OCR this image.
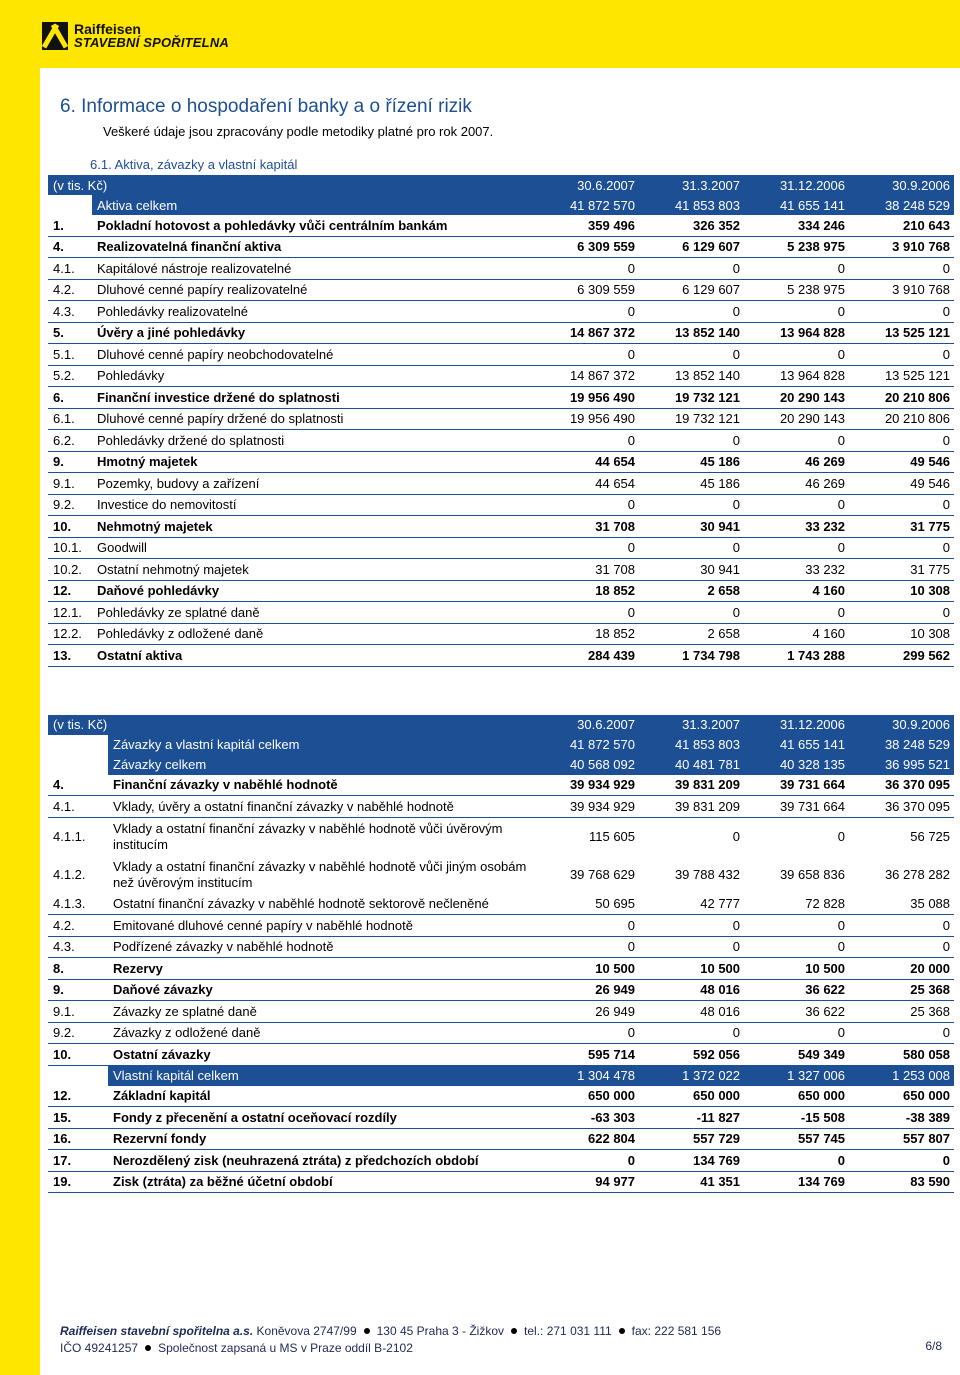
Raiffeisen
STAVEBNÍ SPOŘITELNA
6. Informace o hospodaření banky a o řízení rizik
Veškeré údaje jsou zpracovány podle metodiky platné pro rok 2007.
6.1. Aktiva, závazky a vlastní kapitál
(v tis. Kč)		30.6.2007	31.3.2007	31.12.2006	30.9.2006
	Aktiva celkem	41 872 570	41 853 803	41 655 141	38 248 529
1.	Pokladní hotovost a pohledávky vůči centrálním bankám	359 496	326 352	334 246	210 643
4.	Realizovatelná finanční aktiva	6 309 559	6 129 607	5 238 975	3 910 768
4.1.	Kapitálové nástroje realizovatelné	0	0	0	0
4.2.	Dluhové cenné papíry realizovatelné	6 309 559	6 129 607	5 238 975	3 910 768
4.3.	Pohledávky realizovatelné	0	0	0	0
5.	Úvěry a jiné pohledávky	14 867 372	13 852 140	13 964 828	13 525 121
5.1.	Dluhové cenné papíry neobchodovatelné	0	0	0	0
5.2.	Pohledávky	14 867 372	13 852 140	13 964 828	13 525 121
6.	Finanční investice držené do splatnosti	19 956 490	19 732 121	20 290 143	20 210 806
6.1.	Dluhové cenné papíry držené do splatnosti	19 956 490	19 732 121	20 290 143	20 210 806
6.2.	Pohledávky držené do splatnosti	0	0	0	0
9.	Hmotný majetek	44 654	45 186	46 269	49 546
9.1.	Pozemky, budovy a zařízení	44 654	45 186	46 269	49 546
9.2.	Investice do nemovitostí	0	0	0	0
10.	Nehmotný majetek	31 708	30 941	33 232	31 775
10.1.	Goodwill	0	0	0	0
10.2.	Ostatní nehmotný majetek	31 708	30 941	33 232	31 775
12.	Daňové pohledávky	18 852	2 658	4 160	10 308
12.1.	Pohledávky ze splatné daně	0	0	0	0
12.2.	Pohledávky z odložené daně	18 852	2 658	4 160	10 308
13.	Ostatní aktiva	284 439	1 734 798	1 743 288	299 562
(v tis. Kč)		30.6.2007	31.3.2007	31.12.2006	30.9.2006
	Závazky a vlastní kapitál celkem	41 872 570	41 853 803	41 655 141	38 248 529
	Závazky celkem	40 568 092	40 481 781	40 328 135	36 995 521
4.	Finanční závazky v naběhlé hodnotě	39 934 929	39 831 209	39 731 664	36 370 095
4.1.	Vklady, úvěry a ostatní finanční závazky v naběhlé hodnotě	39 934 929	39 831 209	39 731 664	36 370 095
4.1.1.	Vklady a ostatní finanční závazky v naběhlé hodnotě vůči úvěrovým institucím	115 605	0	0	56 725
4.1.2.	Vklady a ostatní finanční závazky v naběhlé hodnotě vůči jiným osobám než úvěrovým institucím	39 768 629	39 788 432	39 658 836	36 278 282
4.1.3.	Ostatní finanční závazky v naběhlé hodnotě sektorově nečleněné	50 695	42 777	72 828	35 088
4.2.	Emitované dluhové cenné papíry v naběhlé hodnotě	0	0	0	0
4.3.	Podřízené závazky v naběhlé hodnotě	0	0	0	0
8.	Rezervy	10 500	10 500	10 500	20 000
9.	Daňové závazky	26 949	48 016	36 622	25 368
9.1.	Závazky ze splatné daně	26 949	48 016	36 622	25 368
9.2.	Závazky z odložené daně	0	0	0	0
10.	Ostatní závazky	595 714	592 056	549 349	580 058
	Vlastní kapitál celkem	1 304 478	1 372 022	1 327 006	1 253 008
12.	Základní kapitál	650 000	650 000	650 000	650 000
15.	Fondy z přecenění a ostatní oceňovací rozdíly	-63 303	-11 827	-15 508	-38 389
16.	Rezervní fondy	622 804	557 729	557 745	557 807
17.	Nerozdělený zisk (neuhrazená ztráta) z předchozích období	0	134 769	0	0
19.	Zisk (ztráta) za běžné účetní období	94 977	41 351	134 769	83 590
Raiffeisen stavební spořitelna a.s.
Koněvova 2747/99 130 45 Praha 3 - Žižkov tel.: 271 031 111 fax: 222 581 156
IČO 49241257 Společnost zapsaná u MS v Praze oddíl B-2102	6/8
